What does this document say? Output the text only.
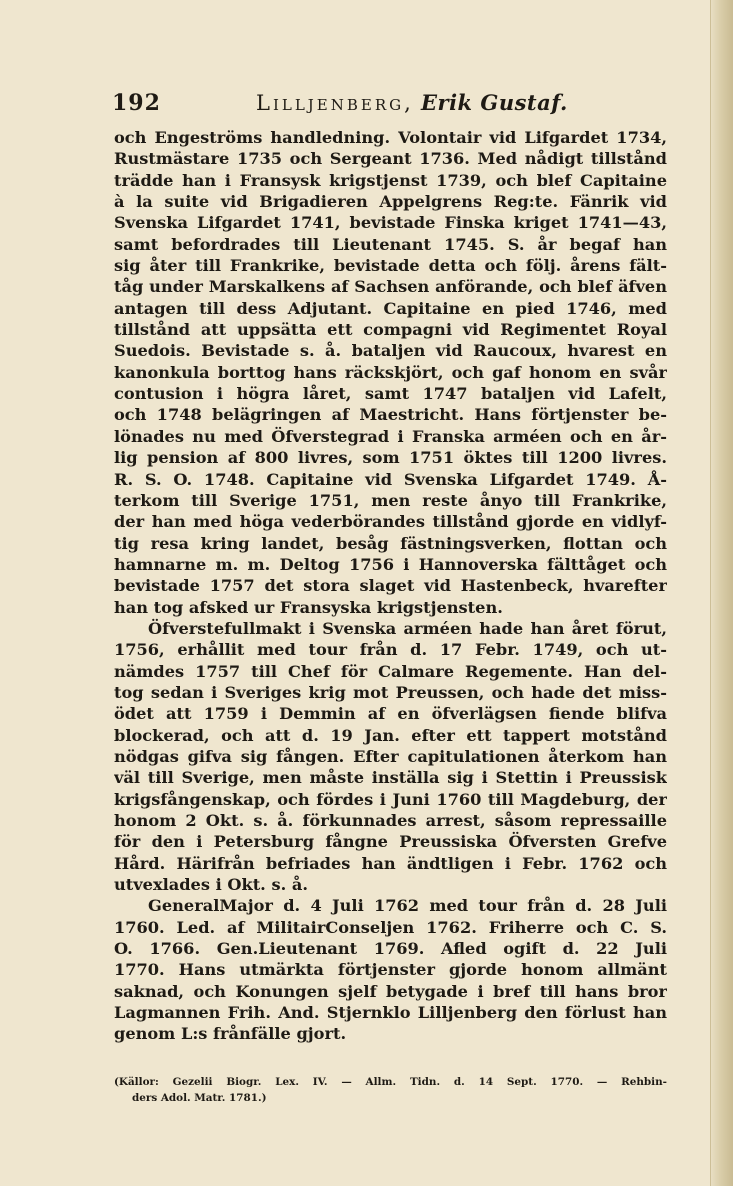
192	Lilljenberg, Erik Gustaf.
och Engeströms handledning. Volontair vid Lifgardet 1734,
Rustmästare 1735 och Sergeant 1736. Med nådigt tillstånd
trädde han i Fransysk krigstjenst 1739, och blef Capitaine
à la suite vid Brigadieren Appelgrens Reg:te. Fänrik vid
Svenska Lifgardet 1741, bevistade Finska kriget 1741—43,
samt befordrades till Lieutenant 1745. S. år begaf han
sig åter till Frankrike, bevistade detta och följ. årens fält-
tåg under Marskalkens af Sachsen anförande, och blef äfven
antagen till dess Adjutant. Capitaine en pied 1746, med
tillstånd att uppsätta ett compagni vid Regimentet Royal
Suedois. Bevistade s. å. bataljen vid Raucoux, hvarest en
kanonkula borttog hans räckskjört, och gaf honom en svår
contusion i högra låret, samt 1747 bataljen vid Lafelt,
och 1748 belägringen af Maestricht. Hans förtjenster be-
lönades nu med Öfverstegrad i Franska arméen och en år-
lig pension af 800 livres, som 1751 öktes till 1200 livres.
R. S. O. 1748. Capitaine vid Svenska Lifgardet 1749. Å-
terkom till Sverige 1751, men reste ånyo till Frankrike,
der han med höga vederbörandes tillstånd gjorde en vidlyf-
tig resa kring landet, besåg fästningsverken, flottan och
hamnarne m. m. Deltog 1756 i Hannoverska fälttåget och
bevistade 1757 det stora slaget vid Hastenbeck, hvarefter
han tog afsked ur Fransyska krigstjensten.
Öfverstefullmakt i Svenska arméen hade han året förut,
1756, erhållit med tour från d. 17 Febr. 1749, och ut-
nämdes 1757 till Chef för Calmare Regemente. Han del-
tog sedan i Sveriges krig mot Preussen, och hade det miss-
ödet att 1759 i Demmin af en öfverlägsen fiende blifva
blockerad, och att d. 19 Jan. efter ett tappert motstånd
nödgas gifva sig fången. Efter capitulationen återkom han
väl till Sverige, men måste inställa sig i Stettin i Preussisk
krigsfångenskap, och fördes i Juni 1760 till Magdeburg, der
honom 2 Okt. s. å. förkunnades arrest, såsom repressaille
för den i Petersburg fångne Preussiska Öfversten Grefve
Hård. Härifrån befriades han ändtligen i Febr. 1762 och
utvexlades i Okt. s. å.
GeneralMajor d. 4 Juli 1762 med tour från d. 28 Juli
1760. Led. af MilitairConseljen 1762. Friherre och C. S.
O. 1766. Gen.Lieutenant 1769. Afled ogift d. 22 Juli
1770. Hans utmärkta förtjenster gjorde honom allmänt
saknad, och Konungen sjelf betygade i bref till hans bror
Lagmannen Frih. And. Stjernklo Lilljenberg den förlust han
genom L:s frånfälle gjort.
(Källor: Gezelii Biogr. Lex. IV. — Allm. Tidn. d. 14 Sept. 1770. — Rehbin-
ders Adol. Matr. 1781.)
